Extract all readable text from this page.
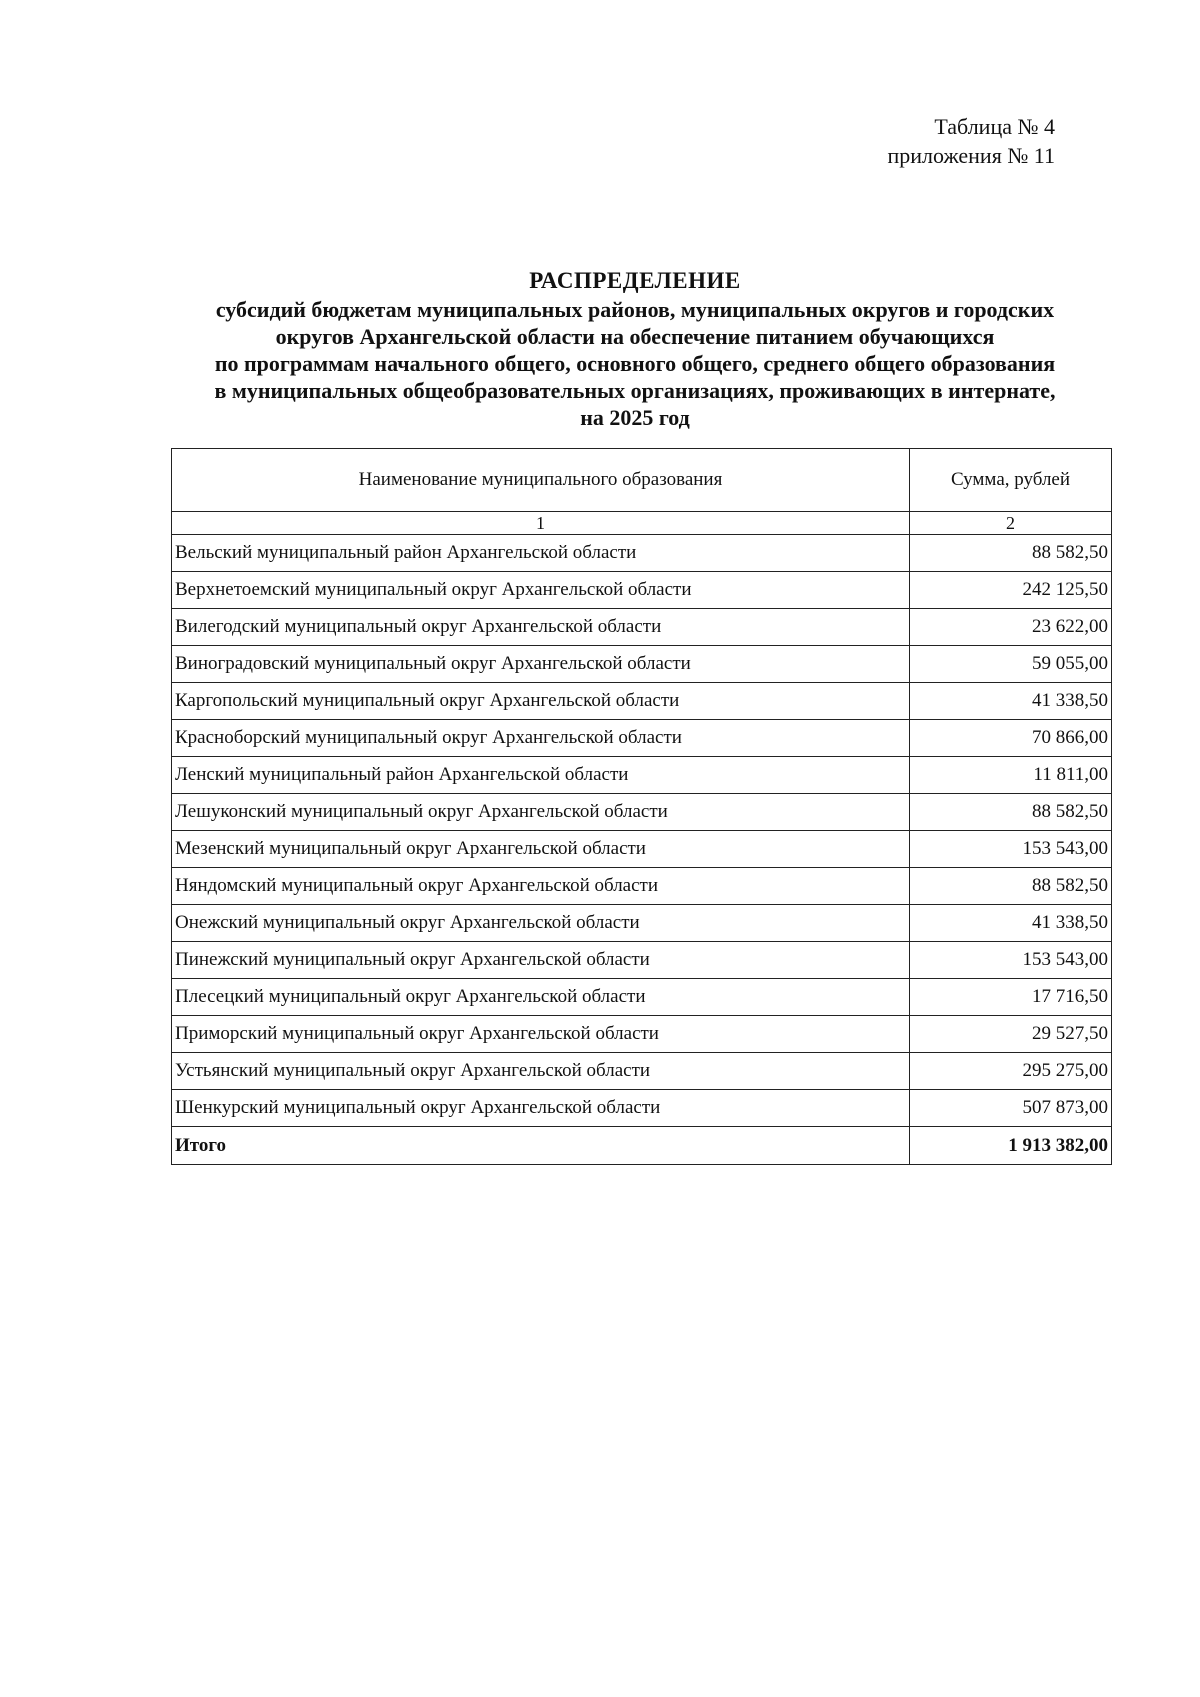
Таблица № 4
приложения № 11
РАСПРЕДЕЛЕНИЕ
субсидий бюджетам муниципальных районов, муниципальных округов и городских
округов Архангельской области на обеспечение питанием обучающихся
по программам начального общего, основного общего, среднего общего образования
в муниципальных общеобразовательных организациях, проживающих в интернате,
на 2025 год
Наименование муниципального образования	Сумма, рублей
1	2
Вельский муниципальный район Архангельской области	88 582,50
Верхнетоемский муниципальный округ Архангельской области	242 125,50
Вилегодский муниципальный округ Архангельской области	23 622,00
Виноградовский муниципальный округ Архангельской области	59 055,00
Каргопольский муниципальный округ Архангельской области	41 338,50
Красноборский муниципальный округ Архангельской области	70 866,00
Ленский муниципальный район Архангельской области	11 811,00
Лешуконский муниципальный округ Архангельской области	88 582,50
Мезенский муниципальный округ Архангельской области	153 543,00
Няндомский муниципальный округ Архангельской области	88 582,50
Онежский муниципальный округ Архангельской области	41 338,50
Пинежский муниципальный округ Архангельской области	153 543,00
Плесецкий муниципальный округ Архангельской области	17 716,50
Приморский муниципальный округ Архангельской области	29 527,50
Устьянский муниципальный округ Архангельской области	295 275,00
Шенкурский муниципальный округ Архангельской области	507 873,00
Итого	1 913 382,00
